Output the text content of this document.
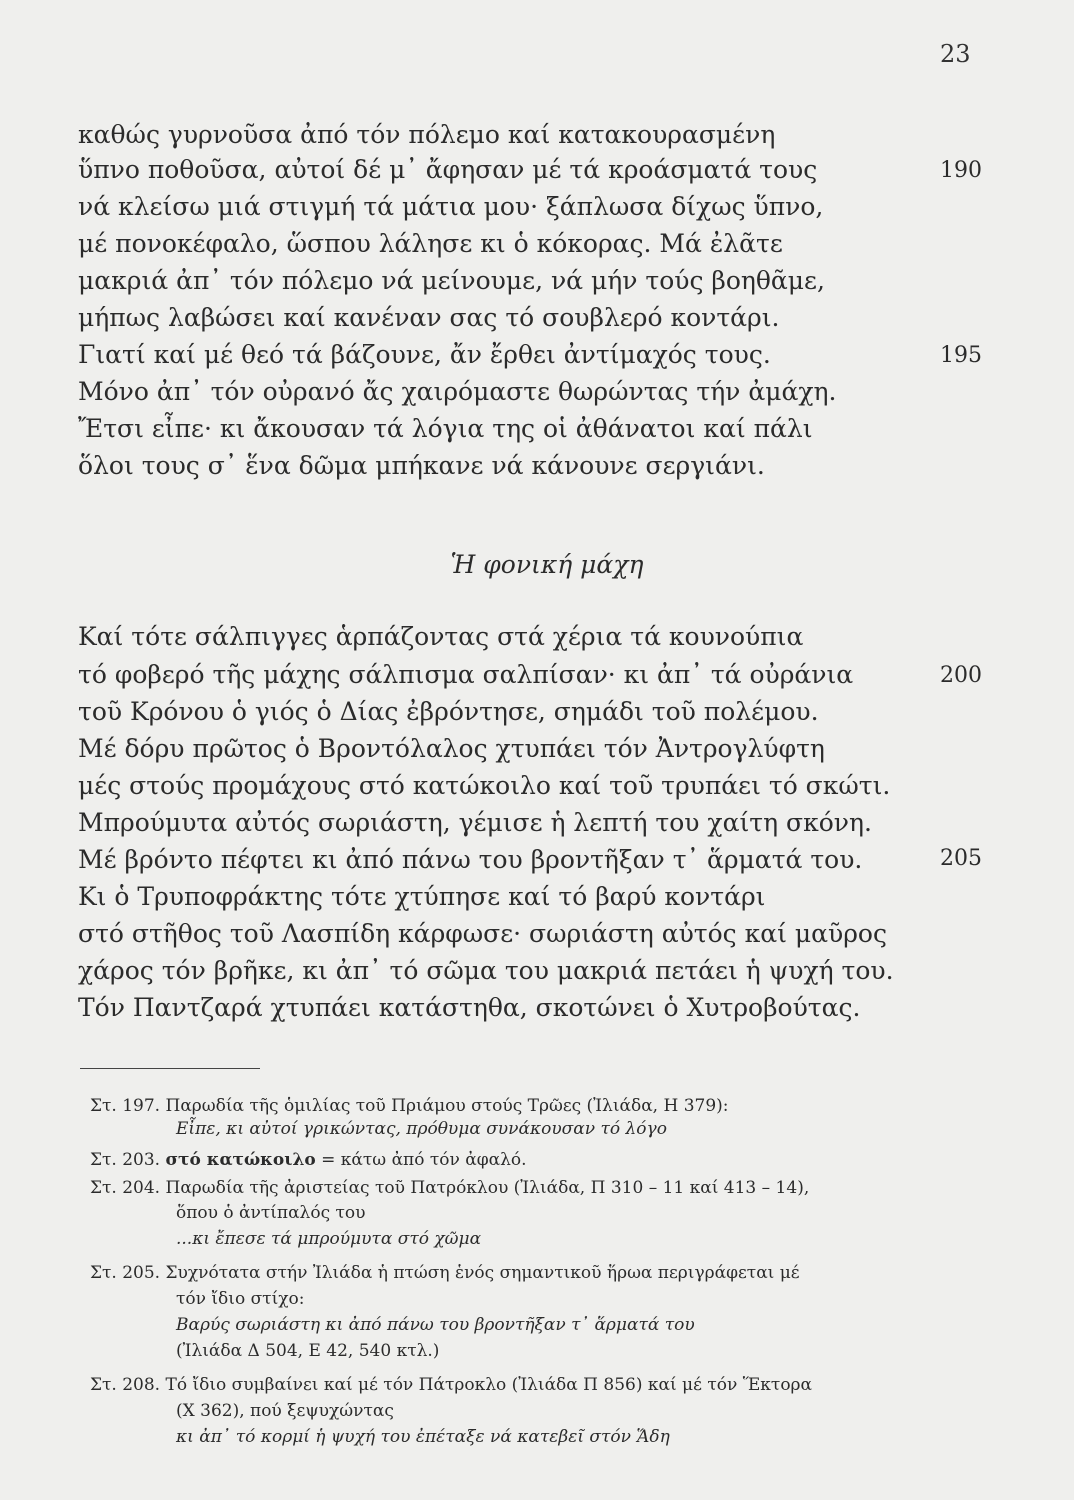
23
καθώς γυρνοῦσα ἀπό τόν πόλεμο καί κατακουρασμένη
ὕπνο ποθοῦσα, αὐτοί δέ μ᾽ ἄφησαν μέ τά κροάσματά τους	190
νά κλείσω μιά στιγμή τά μάτια μου· ξάπλωσα δίχως ὕπνο,
μέ πονοκέφαλο, ὥσπου λάλησε κι ὁ κόκορας. Μά ἐλᾶτε
μακριά ἀπ᾽ τόν πόλεμο νά μείνουμε, νά μήν τούς βοηθᾶμε,
μήπως λαβώσει καί κανέναν σας τό σουβλερό κοντάρι.
Γιατί καί μέ θεό τά βάζουνε, ἄν ἔρθει ἀντίμαχός τους.	195
Μόνο ἀπ᾽ τόν οὐρανό ἄς χαιρόμαστε θωρώντας τήν ἀμάχη.
Ἔτσι εἶπε· κι ἄκουσαν τά λόγια της οἱ ἀθάνατοι καί πάλι
ὅλοι τους σ᾽ ἕνα δῶμα μπήκανε νά κάνουνε σεργιάνι.
Ἡ φονική μάχη
Καί τότε σάλπιγγες ἁρπάζοντας στά χέρια τά κουνούπια
τό φοβερό τῆς μάχης σάλπισμα σαλπίσαν· κι ἀπ᾽ τά οὐράνια	200
τοῦ Κρόνου ὁ γιός ὁ Δίας ἐβρόντησε, σημάδι τοῦ πολέμου.
Μέ δόρυ πρῶτος ὁ Βροντόλαλος χτυπάει τόν Ἀντρογλύφτη
μές στούς προμάχους στό κατώκοιλο καί τοῦ τρυπάει τό σκώτι.
Μπρούμυτα αὐτός σωριάστη, γέμισε ἡ λεπτή του χαίτη σκόνη.
Μέ βρόντο πέφτει κι ἀπό πάνω του βροντῆξαν τ᾽ ἅρματά του.	205
Κι ὁ Τρυποφράκτης τότε χτύπησε καί τό βαρύ κοντάρι
στό στῆθος τοῦ Λασπίδη κάρφωσε· σωριάστη αὐτός καί μαῦρος
χάρος τόν βρῆκε, κι ἀπ᾽ τό σῶμα του μακριά πετάει ἡ ψυχή του.
Τόν Παντζαρά χτυπάει κατάστηθα, σκοτώνει ὁ Χυτροβούτας.
Στ. 197. Παρωδία τῆς ὁμιλίας τοῦ Πριάμου στούς Τρῶες (Ἰλιάδα, Η 379):
Εἶπε, κι αὐτοί γρικώντας, πρόθυμα συνάκουσαν τό λόγο
Στ. 203. στό κατώκοιλο = κάτω ἀπό τόν ἀφαλό.
Στ. 204. Παρωδία τῆς ἀριστείας τοῦ Πατρόκλου (Ἰλιάδα, Π 310 – 11 καί 413 – 14),
ὅπου ὁ ἀντίπαλός του
...κι ἔπεσε τά μπρούμυτα στό χῶμα
Στ. 205. Συχνότατα στήν Ἰλιάδα ἡ πτώση ἑνός σημαντικοῦ ἥρωα περιγράφεται μέ
τόν ἴδιο στίχο:
Βαρύς σωριάστη κι ἀπό πάνω του βροντῆξαν τ᾽ ἅρματά του
(Ἰλιάδα Δ 504, Ε 42, 540 κτλ.)
Στ. 208. Τό ἴδιο συμβαίνει καί μέ τόν Πάτροκλο (Ἰλιάδα Π 856) καί μέ τόν Ἕκτορα
(Χ 362), πού ξεψυχώντας
κι ἀπ᾽ τό κορμί ἡ ψυχή του ἐπέταξε νά κατεβεῖ στόν Ἅδη
